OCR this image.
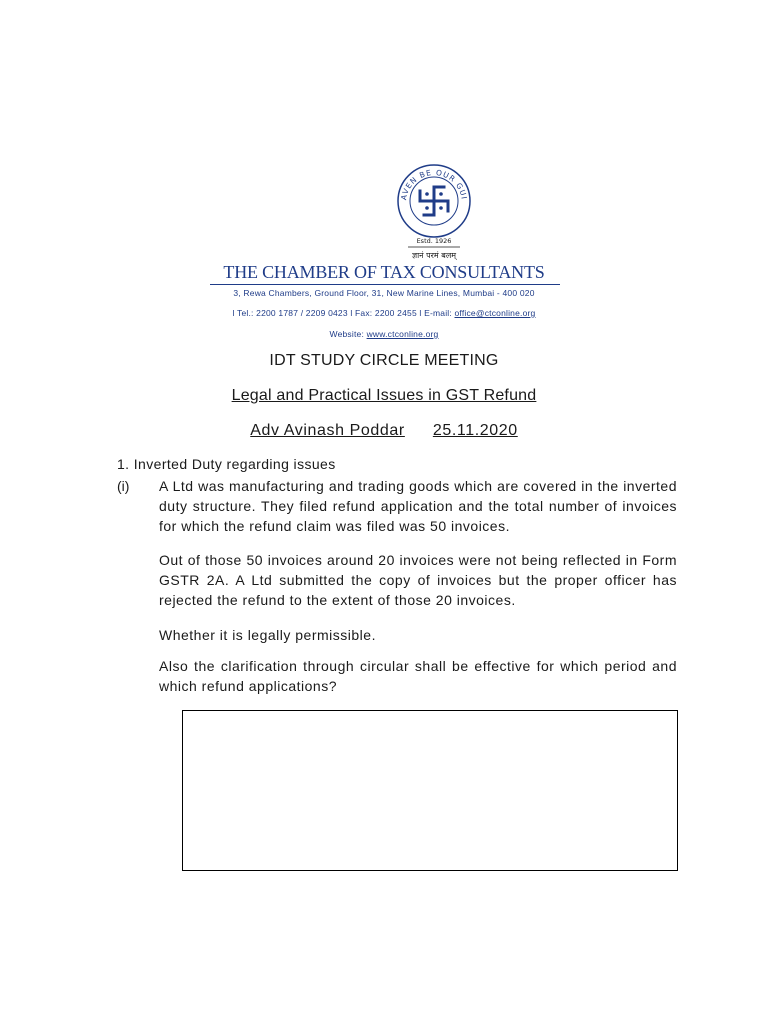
AVEN BE OUR GUI
Estd. 1926
ज्ञानं परमं बलम्
THE CHAMBER OF TAX CONSULTANTS
3, Rewa Chambers, Ground Floor, 31, New Marine Lines, Mumbai - 400 020
l Tel.: 2200 1787 / 2209 0423 l Fax: 2200 2455 l E-mail: office@ctconline.org
Website: www.ctconline.org
IDT STUDY CIRCLE MEETING
Legal and Practical Issues in GST Refund
Adv Avinash Poddar 25.11.2020
1. Inverted Duty regarding issues
(i) A Ltd was manufacturing and trading goods which are covered in the inverted duty structure. They filed refund application and the total number of invoices for which the refund claim was filed was 50 invoices.

Out of those 50 invoices around 20 invoices were not being reflected in Form GSTR 2A. A Ltd submitted the copy of invoices but the proper officer has rejected the refund to the extent of those 20 invoices.

Whether it is legally permissible.

Also the clarification through circular shall be effective for which period and which refund applications?
